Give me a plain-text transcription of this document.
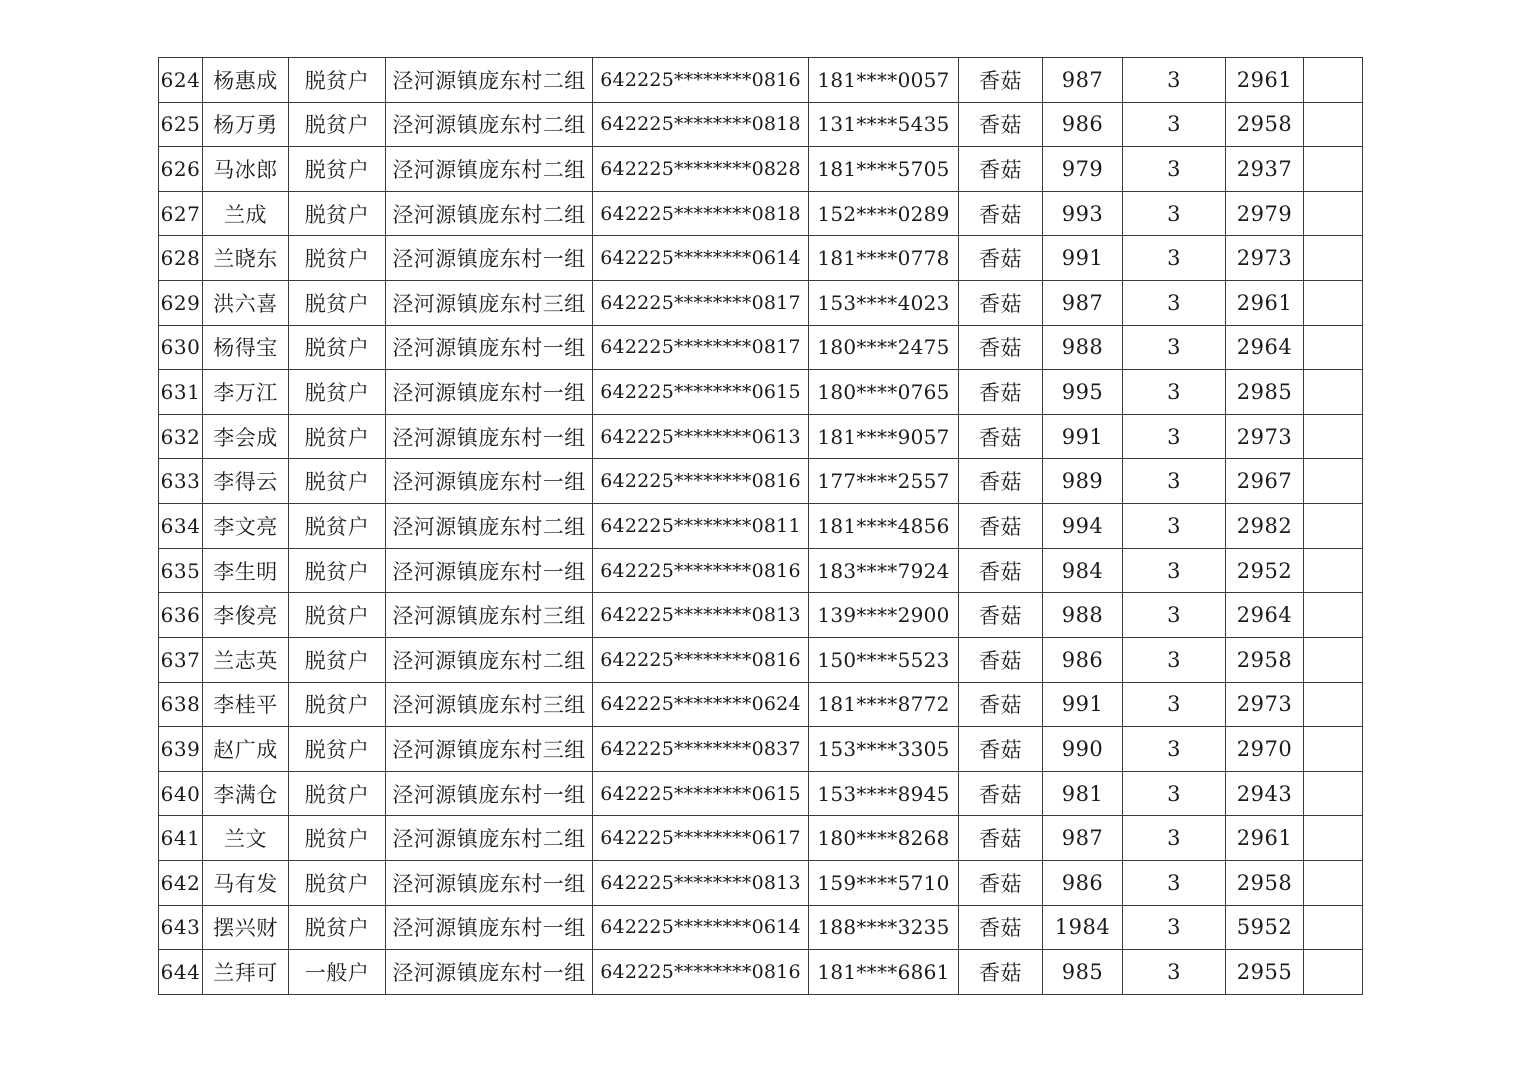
624	杨惠成	脱贫户	泾河源镇庞东村二组	642225********0816	181****0057	香菇	987	3	2961	
625	杨万勇	脱贫户	泾河源镇庞东村二组	642225********0818	131****5435	香菇	986	3	2958	
626	马冰郎	脱贫户	泾河源镇庞东村二组	642225********0828	181****5705	香菇	979	3	2937	
627	兰成	脱贫户	泾河源镇庞东村二组	642225********0818	152****0289	香菇	993	3	2979	
628	兰晓东	脱贫户	泾河源镇庞东村一组	642225********0614	181****0778	香菇	991	3	2973	
629	洪六喜	脱贫户	泾河源镇庞东村三组	642225********0817	153****4023	香菇	987	3	2961	
630	杨得宝	脱贫户	泾河源镇庞东村一组	642225********0817	180****2475	香菇	988	3	2964	
631	李万江	脱贫户	泾河源镇庞东村一组	642225********0615	180****0765	香菇	995	3	2985	
632	李会成	脱贫户	泾河源镇庞东村一组	642225********0613	181****9057	香菇	991	3	2973	
633	李得云	脱贫户	泾河源镇庞东村一组	642225********0816	177****2557	香菇	989	3	2967	
634	李文亮	脱贫户	泾河源镇庞东村二组	642225********0811	181****4856	香菇	994	3	2982	
635	李生明	脱贫户	泾河源镇庞东村一组	642225********0816	183****7924	香菇	984	3	2952	
636	李俊亮	脱贫户	泾河源镇庞东村三组	642225********0813	139****2900	香菇	988	3	2964	
637	兰志英	脱贫户	泾河源镇庞东村二组	642225********0816	150****5523	香菇	986	3	2958	
638	李桂平	脱贫户	泾河源镇庞东村三组	642225********0624	181****8772	香菇	991	3	2973	
639	赵广成	脱贫户	泾河源镇庞东村三组	642225********0837	153****3305	香菇	990	3	2970	
640	李满仓	脱贫户	泾河源镇庞东村一组	642225********0615	153****8945	香菇	981	3	2943	
641	兰文	脱贫户	泾河源镇庞东村二组	642225********0617	180****8268	香菇	987	3	2961	
642	马有发	脱贫户	泾河源镇庞东村一组	642225********0813	159****5710	香菇	986	3	2958	
643	摆兴财	脱贫户	泾河源镇庞东村一组	642225********0614	188****3235	香菇	1984	3	5952	
644	兰拜可	一般户	泾河源镇庞东村一组	642225********0816	181****6861	香菇	985	3	2955	
